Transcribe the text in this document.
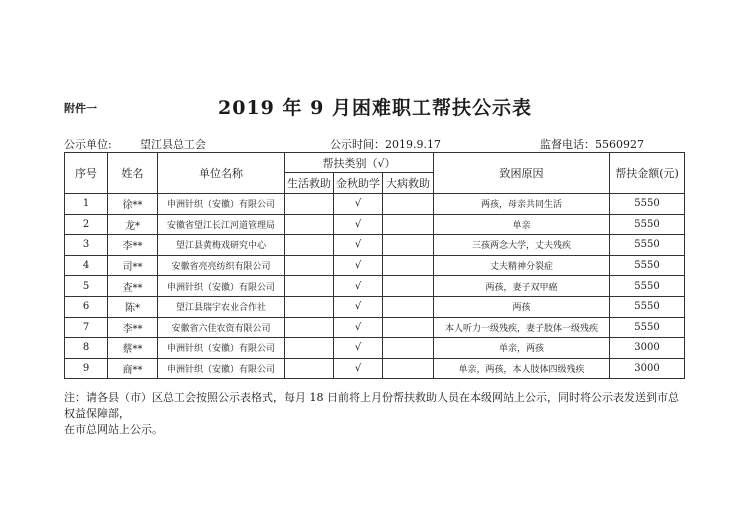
附件一	2019 年 9 月困难职工帮扶公示表
公示单位:	望江县总工会	公示时间：2019.9.17	监督电话：5560927
序号	姓名	单位名称	帮扶类别（√）			致困原因	帮扶金额(元)
			生活救助	金秋助学	大病救助		
1	徐**	申洲针织（安徽）有限公司		√		两孩，母亲共同生活	5550
2	龙*	安徽省望江长江河道管理局		√		单亲	5550
3	李**	望江县黄梅戏研究中心		√		三孩两念大学，丈夫残疾	5550
4	司**	安徽省亮亮纺织有限公司		√		丈夫精神分裂症	5550
5	查**	申洲针织（安徽）有限公司		√		两孩，妻子双甲癌	5550
6	陈*	望江县瑞宇农业合作社		√		两孩	5550
7	李**	安徽省六佳农资有限公司		√		本人听力一级残疾，妻子肢体一级残疾	5550
8	蔡**	申洲针织（安徽）有限公司		√		单亲，两孩	3000
9	商**	申洲针织（安徽）有限公司		√		单亲，两孩，本人肢体四级残疾	3000
注：请各县（市）区总工会按照公示表格式，每月 18 日前将上月份帮扶救助人员在本级网站上公示，同时将公示表发送到市总权益保障部，
在市总网站上公示。
